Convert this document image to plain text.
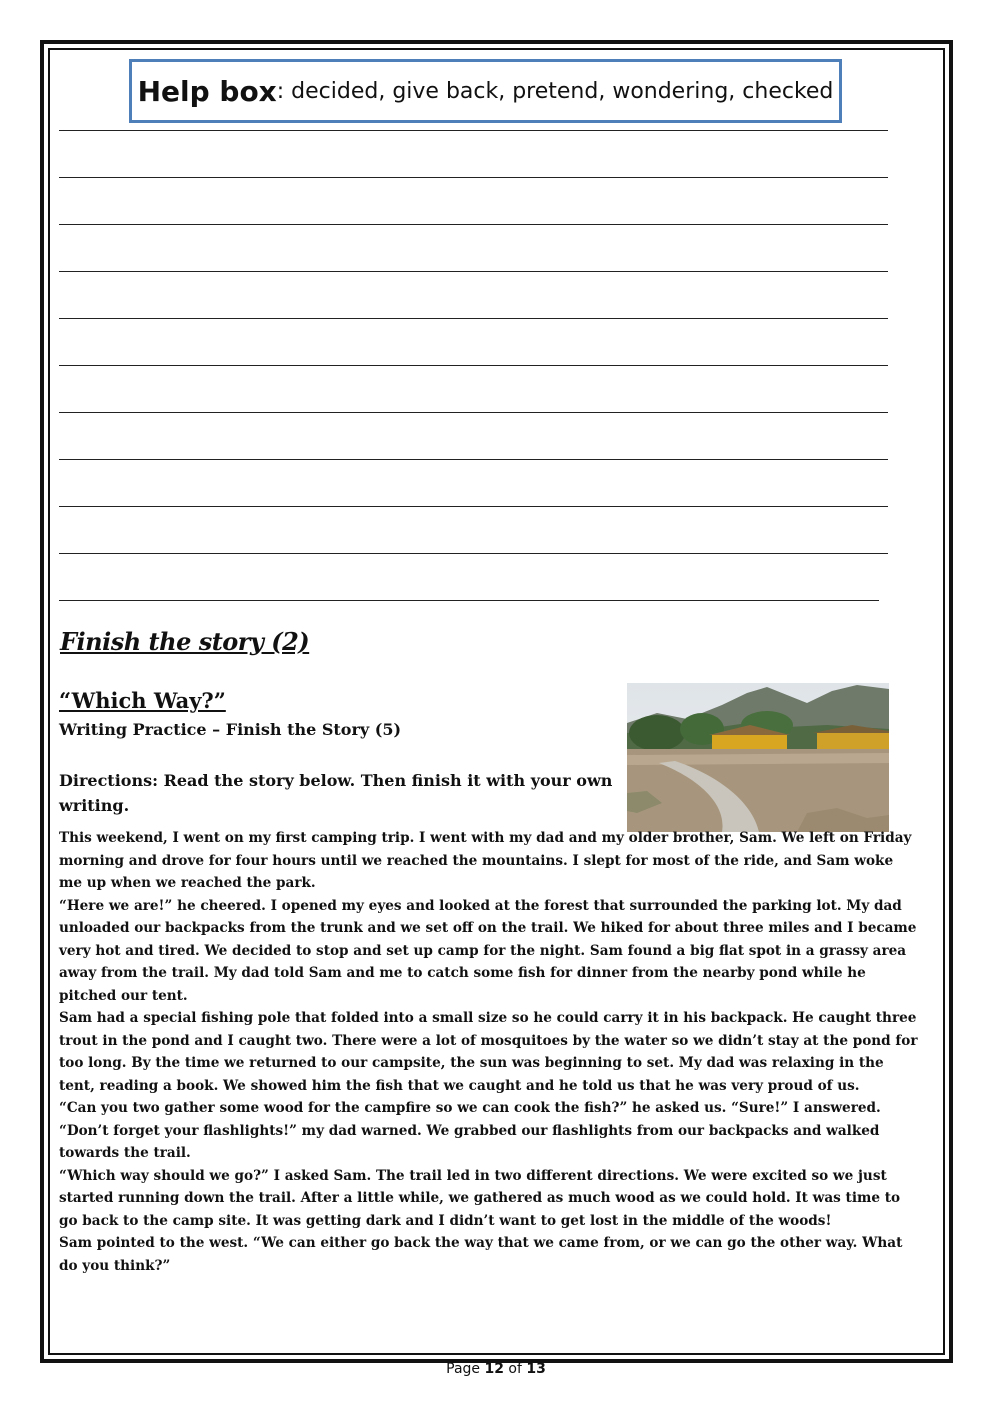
Help box : decided, give back, pretend, wondering, checked
Finish the story (2)
“Which Way?”
Writing Practice – Finish the Story (5)
Directions: Read the story below. Then finish it with your own writing.

This weekend, I went on my first camping trip. I went with my dad and my older brother, Sam. We left on Friday morning and drove for four hours until we reached the mountains. I slept for most of the ride, and Sam woke me up when we reached the park.

“Here we are!” he cheered. I opened my eyes and looked at the forest that surrounded the parking lot. My dad unloaded our backpacks from the trunk and we set off on the trail. We hiked for about three miles and I became very hot and tired. We decided to stop and set up camp for the night. Sam found a big flat spot in a grassy area away from the trail. My dad told Sam and me to catch some fish for dinner from the nearby pond while he pitched our tent.

Sam had a special fishing pole that folded into a small size so he could carry it in his backpack. He caught three trout in the pond and I caught two. There were a lot of mosquitoes by the water so we didn’t stay at the pond for too long. By the time we returned to our campsite, the sun was beginning to set. My dad was relaxing in the tent, reading a book. We showed him the fish that we caught and he told us that he was very proud of us.

“Can you two gather some wood for the campfire so we can cook the fish?” he asked us. “Sure!” I answered. “Don’t forget your flashlights!” my dad warned. We grabbed our flashlights from our backpacks and walked towards the trail.

“Which way should we go?” I asked Sam. The trail led in two different directions. We were excited so we just started running down the trail. After a little while, we gathered as much wood as we could hold. It was time to go back to the camp site. It was getting dark and I didn’t want to get lost in the middle of the woods!

Sam pointed to the west. “We can either go back the way that we came from, or we can go the other way. What do you think?”

Page 12 of 13
